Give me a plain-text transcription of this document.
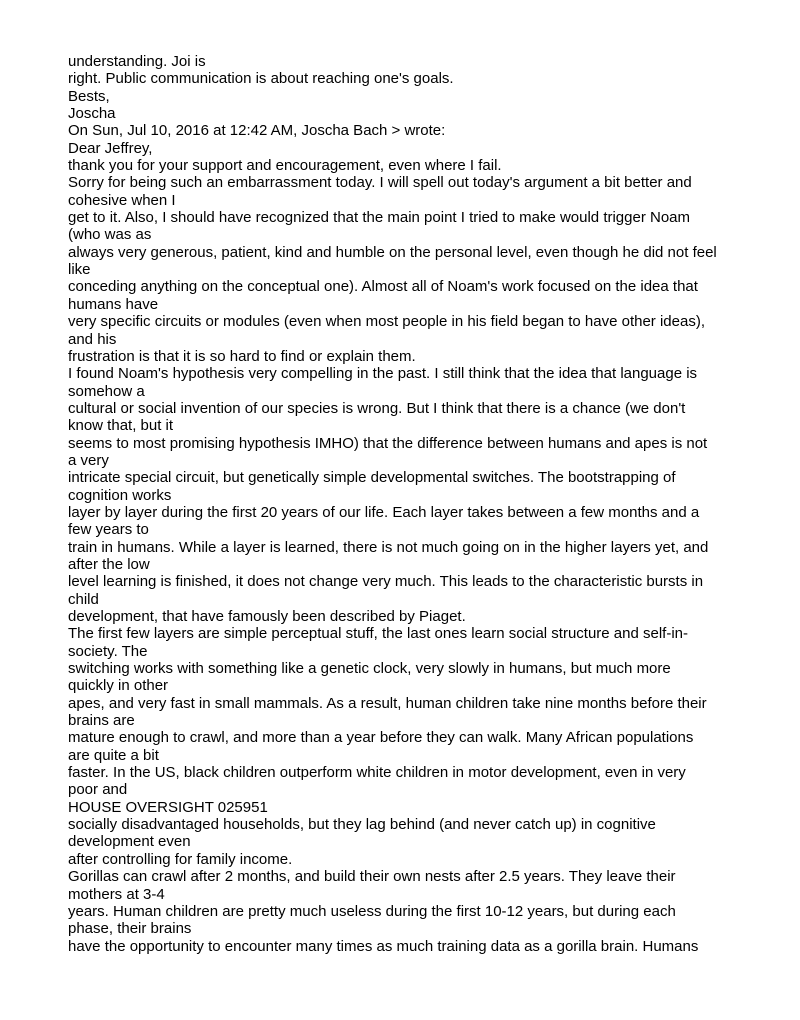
understanding. Joi is
right. Public communication is about reaching one's goals.
Bests,
Joscha
On Sun, Jul 10, 2016 at 12:42 AM, Joscha Bach > wrote:
Dear Jeffrey,
thank you for your support and encouragement, even where I fail.
Sorry for being such an embarrassment today. I will spell out today's argument a bit better and
cohesive when I
get to it. Also, I should have recognized that the main point I tried to make would trigger Noam
(who was as
always very generous, patient, kind and humble on the personal level, even though he did not feel
like
conceding anything on the conceptual one). Almost all of Noam's work focused on the idea that
humans have
very specific circuits or modules (even when most people in his field began to have other ideas),
and his
frustration is that it is so hard to find or explain them.
I found Noam's hypothesis very compelling in the past. I still think that the idea that language is
somehow a
cultural or social invention of our species is wrong. But I think that there is a chance (we don't
know that, but it
seems to most promising hypothesis IMHO) that the difference between humans and apes is not
a very
intricate special circuit, but genetically simple developmental switches. The bootstrapping of
cognition works
layer by layer during the first 20 years of our life. Each layer takes between a few months and a
few years to
train in humans. While a layer is learned, there is not much going on in the higher layers yet, and
after the low
level learning is finished, it does not change very much. This leads to the characteristic bursts in
child
development, that have famously been described by Piaget.
The first few layers are simple perceptual stuff, the last ones learn social structure and self-in-
society. The
switching works with something like a genetic clock, very slowly in humans, but much more
quickly in other
apes, and very fast in small mammals. As a result, human children take nine months before their
brains are
mature enough to crawl, and more than a year before they can walk. Many African populations
are quite a bit
faster. In the US, black children outperform white children in motor development, even in very
poor and
HOUSE OVERSIGHT 025951
socially disadvantaged households, but they lag behind (and never catch up) in cognitive
development even
after controlling for family income.
Gorillas can crawl after 2 months, and build their own nests after 2.5 years. They leave their
mothers at 3-4
years. Human children are pretty much useless during the first 10-12 years, but during each
phase, their brains
have the opportunity to encounter many times as much training data as a gorilla brain. Humans
